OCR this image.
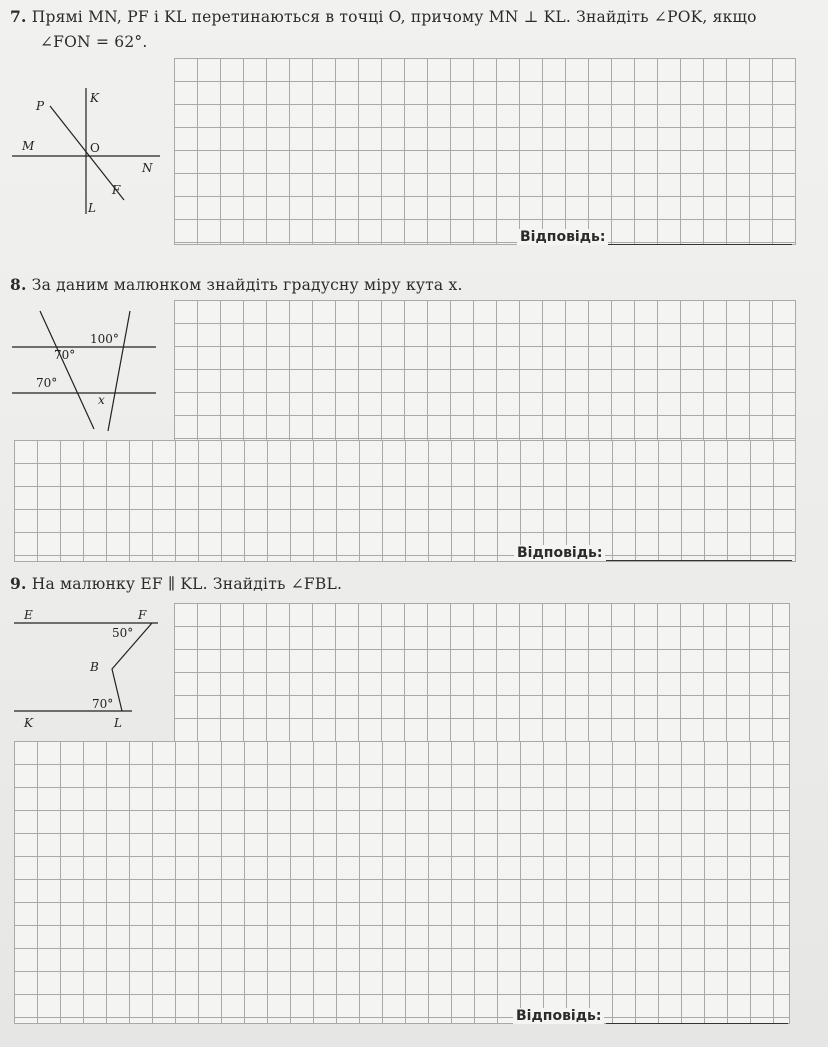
7. Прямі MN, PF і KL перетинаються в точці O, причому MN ⊥ KL. Знайдіть ∠POK, якщо
∠FON = 62°.
P
K
M	O
N
F
L
Відповідь:
8. За даним малюнком знайдіть градусну міру кута x.
100°
70°
70°
x
Відповідь:
9. На малюнку EF ∥ KL. Знайдіть ∠FBL.
E	F
50°
B
70°
K	L
Відповідь:
